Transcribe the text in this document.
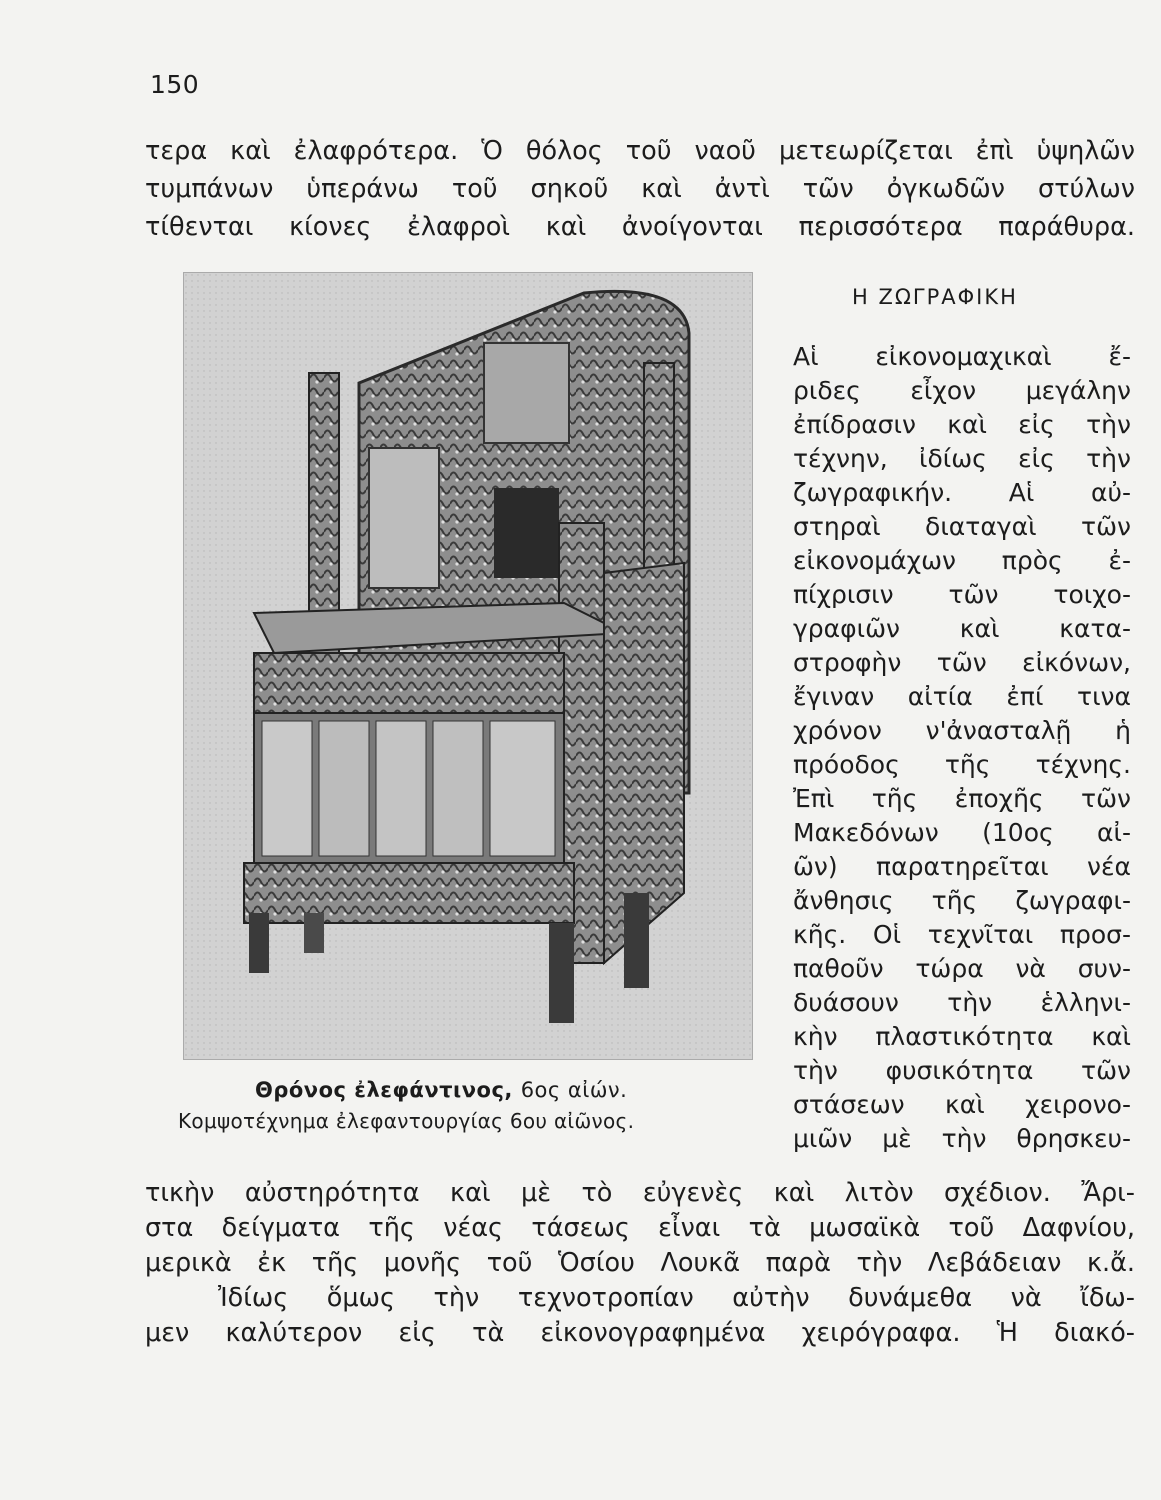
150
τερα καὶ ἐλαφρότερα. Ὁ θόλος τοῦ ναοῦ μετεωρίζεται ἐπὶ ὑψηλῶν
τυμπάνων ὑπεράνω τοῦ σηκοῦ καὶ ἀντὶ τῶν ὀγκωδῶν στύλων
τίθενται κίονες ἐλαφροὶ καὶ ἀνοίγονται περισσότερα παράθυρα.
Θρόνος ἐλεφάντινος, 6ος αἰών.
Κομψοτέχνημα ἐλεφαντουργίας 6ου αἰῶνος.
Η ΖΩΓΡΑΦΙΚΗ
Αἱ εἰκονομαχικαὶ ἔ-
ριδες εἶχον μεγάλην
ἐπίδρασιν καὶ εἰς τὴν
τέχνην, ἰδίως εἰς τὴν
ζωγραφικήν. Αἱ αὐ-
στηραὶ διαταγαὶ τῶν
εἰκονομάχων πρὸς ἐ-
πίχρισιν τῶν τοιχο-
γραφιῶν καὶ κατα-
στροφὴν τῶν εἰκόνων,
ἔγιναν αἰτία ἐπί τινα
χρόνον ν'ἀνασταλῇ ἡ
πρόοδος τῆς τέχνης.
Ἐπὶ τῆς ἐποχῆς τῶν
Μακεδόνων (10ος αἰ-
ῶν) παρατηρεῖται νέα
ἄνθησις τῆς ζωγραφι-
κῆς. Οἱ τεχνῖται προσ-
παθοῦν τώρα νὰ συν-
δυάσουν τὴν ἑλληνι-
κὴν πλαστικότητα καὶ
τὴν φυσικότητα τῶν
στάσεων καὶ χειρονο-
μιῶν μὲ τὴν θρησκευ-
τικὴν αὐστηρότητα καὶ μὲ τὸ εὐγενὲς καὶ λιτὸν σχέδιον. Ἄρι-
στα δείγματα τῆς νέας τάσεως εἶναι τὰ μωσαϊκὰ τοῦ Δαφνίου,
μερικὰ ἐκ τῆς μονῆς τοῦ Ὁσίου Λουκᾶ παρὰ τὴν Λεβάδειαν κ.ἄ.
Ἰδίως ὅμως τὴν τεχνοτροπίαν αὐτὴν δυνάμεθα νὰ ἴδω-
μεν καλύτερον εἰς τὰ εἰκονογραφημένα χειρόγραφα. Ἡ διακό-
